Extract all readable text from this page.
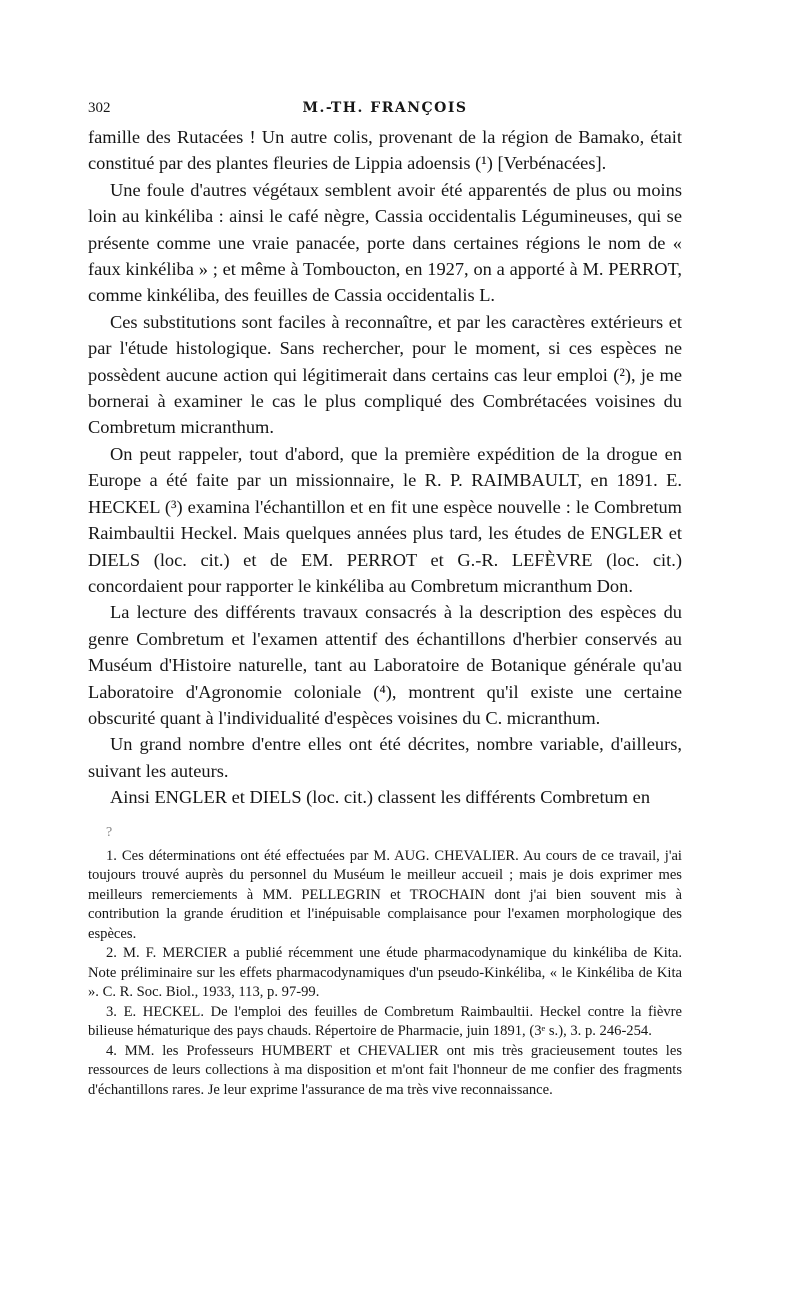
302	M.-TH. FRANÇOIS

famille des Rutacées ! Un autre colis, provenant de la région de Bamako, était constitué par des plantes fleuries de Lippia adoensis (¹) [Verbénacées].

Une foule d'autres végétaux semblent avoir été apparentés de plus ou moins loin au kinkéliba : ainsi le café nègre, Cassia occidentalis Légumineuses, qui se présente comme une vraie panacée, porte dans certaines régions le nom de « faux kinkéliba » ; et même à Tomboucton, en 1927, on a apporté à M. PERROT, comme kinkéliba, des feuilles de Cassia occidentalis L.

Ces substitutions sont faciles à reconnaître, et par les caractères extérieurs et par l'étude histologique. Sans rechercher, pour le moment, si ces espèces ne possèdent aucune action qui légitimerait dans certains cas leur emploi (²), je me bornerai à examiner le cas le plus compliqué des Combrétacées voisines du Combretum micranthum.

On peut rappeler, tout d'abord, que la première expédition de la drogue en Europe a été faite par un missionnaire, le R. P. RAIMBAULT, en 1891. E. HECKEL (³) examina l'échantillon et en fit une espèce nouvelle : le Combretum Raimbaultii Heckel. Mais quelques années plus tard, les études de ENGLER et DIELS (loc. cit.) et de EM. PERROT et G.-R. LEFÈVRE (loc. cit.) concordaient pour rapporter le kinkéliba au Combretum micranthum Don.

La lecture des différents travaux consacrés à la description des espèces du genre Combretum et l'examen attentif des échantillons d'herbier conservés au Muséum d'Histoire naturelle, tant au Laboratoire de Botanique générale qu'au Laboratoire d'Agronomie coloniale (⁴), montrent qu'il existe une certaine obscurité quant à l'individualité d'espèces voisines du C. micranthum.

Un grand nombre d'entre elles ont été décrites, nombre variable, d'ailleurs, suivant les auteurs.

Ainsi ENGLER et DIELS (loc. cit.) classent les différents Combretum en

?

1. Ces déterminations ont été effectuées par M. AUG. CHEVALIER. Au cours de ce travail, j'ai toujours trouvé auprès du personnel du Muséum le meilleur accueil ; mais je dois exprimer mes meilleurs remerciements à MM. PELLEGRIN et TROCHAIN dont j'ai bien souvent mis à contribution la grande érudition et l'inépuisable complaisance pour l'examen morphologique des espèces.

2. M. F. MERCIER a publié récemment une étude pharmacodynamique du kinkéliba de Kita. Note préliminaire sur les effets pharmacodynamiques d'un pseudo-Kinkéliba, « le Kinkéliba de Kita ». C. R. Soc. Biol., 1933, 113, p. 97-99.

3. E. HECKEL. De l'emploi des feuilles de Combretum Raimbaultii. Heckel contre la fièvre bilieuse hématurique des pays chauds. Répertoire de Pharmacie, juin 1891, (3ᵉ s.), 3. p. 246-254.

4. MM. les Professeurs HUMBERT et CHEVALIER ont mis très gracieusement toutes les ressources de leurs collections à ma disposition et m'ont fait l'honneur de me confier des fragments d'échantillons rares. Je leur exprime l'assurance de ma très vive reconnaissance.
